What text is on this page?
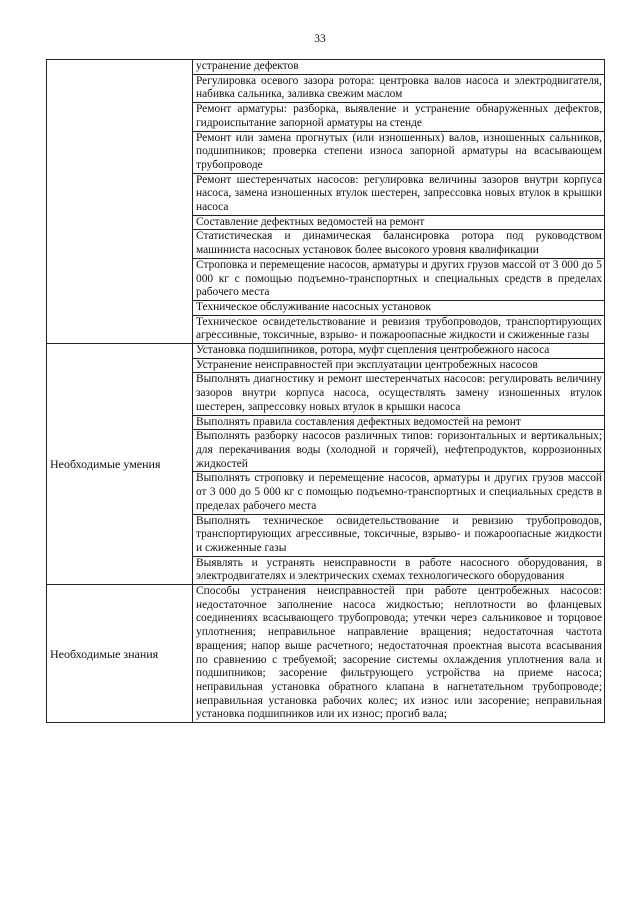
33
	устранение дефектов
	Регулировка осевого зазора ротора: центровка валов насоса и электродвигателя, набивка сальника, заливка свежим маслом
	Ремонт арматуры: разборка, выявление и устранение обнаруженных дефектов, гидроиспытание запорной арматуры на стенде
	Ремонт или замена прогнутых (или изношенных) валов, изношенных сальников, подшипников; проверка степени износа запорной арматуры на всасывающем трубопроводе
	Ремонт шестеренчатых насосов: регулировка величины зазоров внутри корпуса насоса, замена изношенных втулок шестерен, запрессовка новых втулок в крышки насоса
	Составление дефектных ведомостей на ремонт
	Статистическая и динамическая балансировка ротора под руководством машиниста насосных установок более высокого уровня квалификации
	Строповка и перемещение насосов, арматуры и других грузов массой от 3 000 до 5 000 кг с помощью подъемно-транспортных и специальных средств в пределах рабочего места
	Техническое обслуживание насосных установок
	Техническое освидетельствование и ревизия трубопроводов, транспортирующих агрессивные, токсичные, взрыво- и пожароопасные жидкости и сжиженные газы
Необходимые умения	Установка подшипников, ротора, муфт сцепления центробежного насоса
	Устранение неисправностей при эксплуатации центробежных насосов
	Выполнять диагностику и ремонт шестеренчатых насосов: регулировать величину зазоров внутри корпуса насоса, осуществлять замену изношенных втулок шестерен, запрессовку новых втулок в крышки насоса
	Выполнять правила составления дефектных ведомостей на ремонт
	Выполнять разборку насосов различных типов: горизонтальных и вертикальных; для перекачивания воды (холодной и горячей), нефтепродуктов, коррозионных жидкостей
	Выполнять строповку и перемещение насосов, арматуры и других грузов массой от 3 000 до 5 000 кг с помощью подъемно-транспортных и специальных средств в пределах рабочего места
	Выполнять техническое освидетельствование и ревизию трубопроводов, транспортирующих агрессивные, токсичные, взрыво- и пожароопасные жидкости и сжиженные газы
	Выявлять и устранять неисправности в работе насосного оборудования, в электродвигателях и электрических схемах технологического оборудования
Необходимые знания	Способы устранения неисправностей при работе центробежных насосов: недостаточное заполнение насоса жидкостью; неплотности во фланцевых соединениях всасывающего трубопровода; утечки через сальниковое и торцовое уплотнения; неправильное направление вращения; недостаточная частота вращения; напор выше расчетного; недостаточная проектная высота всасывания по сравнению с требуемой; засорение системы охлаждения уплотнения вала и подшипников; засорение фильтрующего устройства на приеме насоса; неправильная установка обратного клапана в нагнетательном трубопроводе; неправильная установка рабочих колес; их износ или засорение; неправильная установка подшипников или их износ; прогиб вала;
